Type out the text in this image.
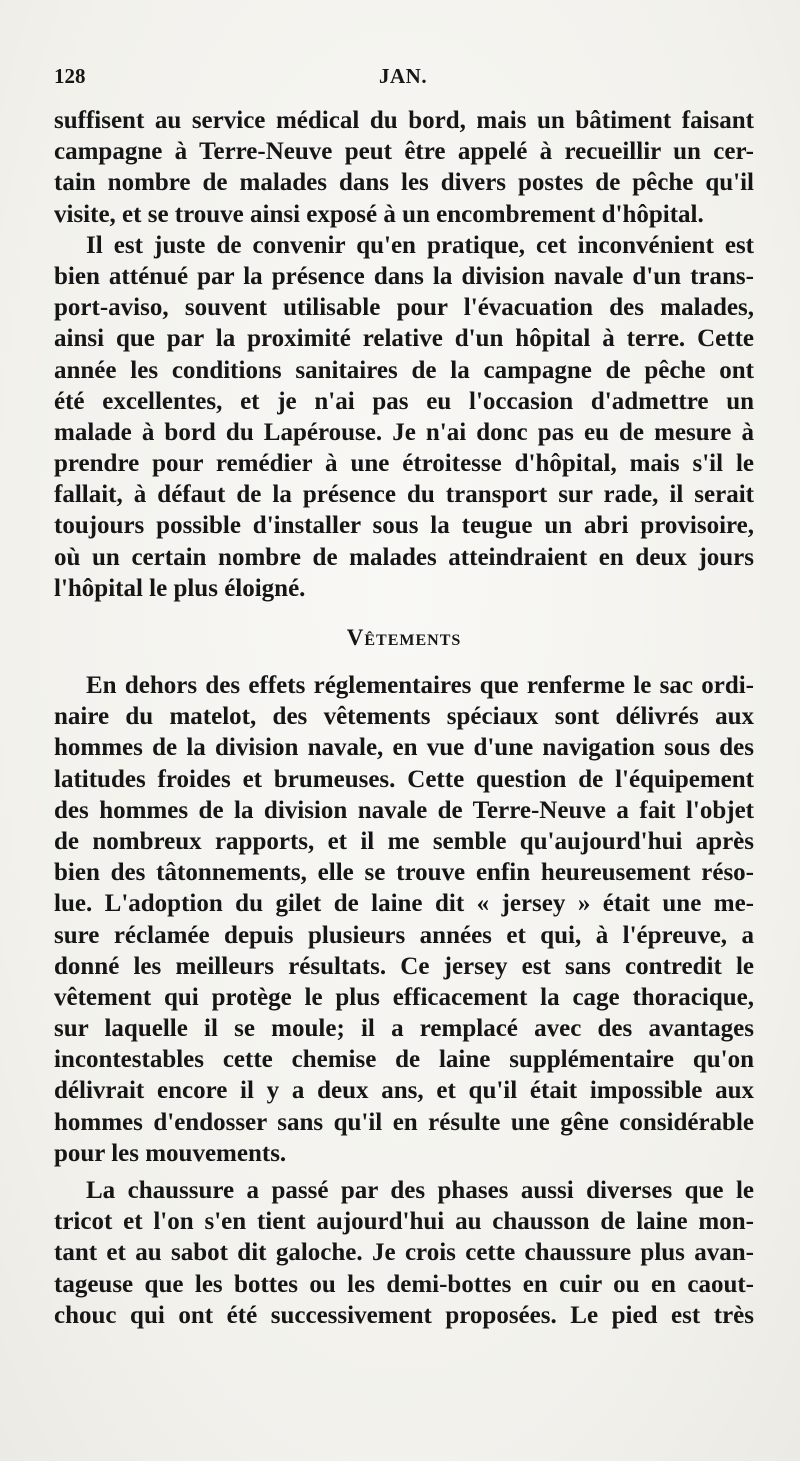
128	JAN.
suffisent au service médical du bord, mais un bâtiment faisant
campagne à Terre-Neuve peut être appelé à recueillir un cer-
tain nombre de malades dans les divers postes de pêche qu'il
visite, et se trouve ainsi exposé à un encombrement d'hôpital.
Il est juste de convenir qu'en pratique, cet inconvénient est
bien atténué par la présence dans la division navale d'un trans-
port-aviso, souvent utilisable pour l'évacuation des malades,
ainsi que par la proximité relative d'un hôpital à terre. Cette
année les conditions sanitaires de la campagne de pêche ont
été excellentes, et je n'ai pas eu l'occasion d'admettre un
malade à bord du Lapérouse. Je n'ai donc pas eu de mesure à
prendre pour remédier à une étroitesse d'hôpital, mais s'il le
fallait, à défaut de la présence du transport sur rade, il serait
toujours possible d'installer sous la teugue un abri provisoire,
où un certain nombre de malades atteindraient en deux jours
l'hôpital le plus éloigné.
Vêtements
En dehors des effets réglementaires que renferme le sac ordi-
naire du matelot, des vêtements spéciaux sont délivrés aux
hommes de la division navale, en vue d'une navigation sous des
latitudes froides et brumeuses. Cette question de l'équipement
des hommes de la division navale de Terre-Neuve a fait l'objet
de nombreux rapports, et il me semble qu'aujourd'hui après
bien des tâtonnements, elle se trouve enfin heureusement réso-
lue. L'adoption du gilet de laine dit « jersey » était une me-
sure réclamée depuis plusieurs années et qui, à l'épreuve, a
donné les meilleurs résultats. Ce jersey est sans contredit le
vêtement qui protège le plus efficacement la cage thoracique,
sur laquelle il se moule; il a remplacé avec des avantages
incontestables cette chemise de laine supplémentaire qu'on
délivrait encore il y a deux ans, et qu'il était impossible aux
hommes d'endosser sans qu'il en résulte une gêne considérable
pour les mouvements.
La chaussure a passé par des phases aussi diverses que le
tricot et l'on s'en tient aujourd'hui au chausson de laine mon-
tant et au sabot dit galoche. Je crois cette chaussure plus avan-
tageuse que les bottes ou les demi-bottes en cuir ou en caout-
chouc qui ont été successivement proposées. Le pied est très
